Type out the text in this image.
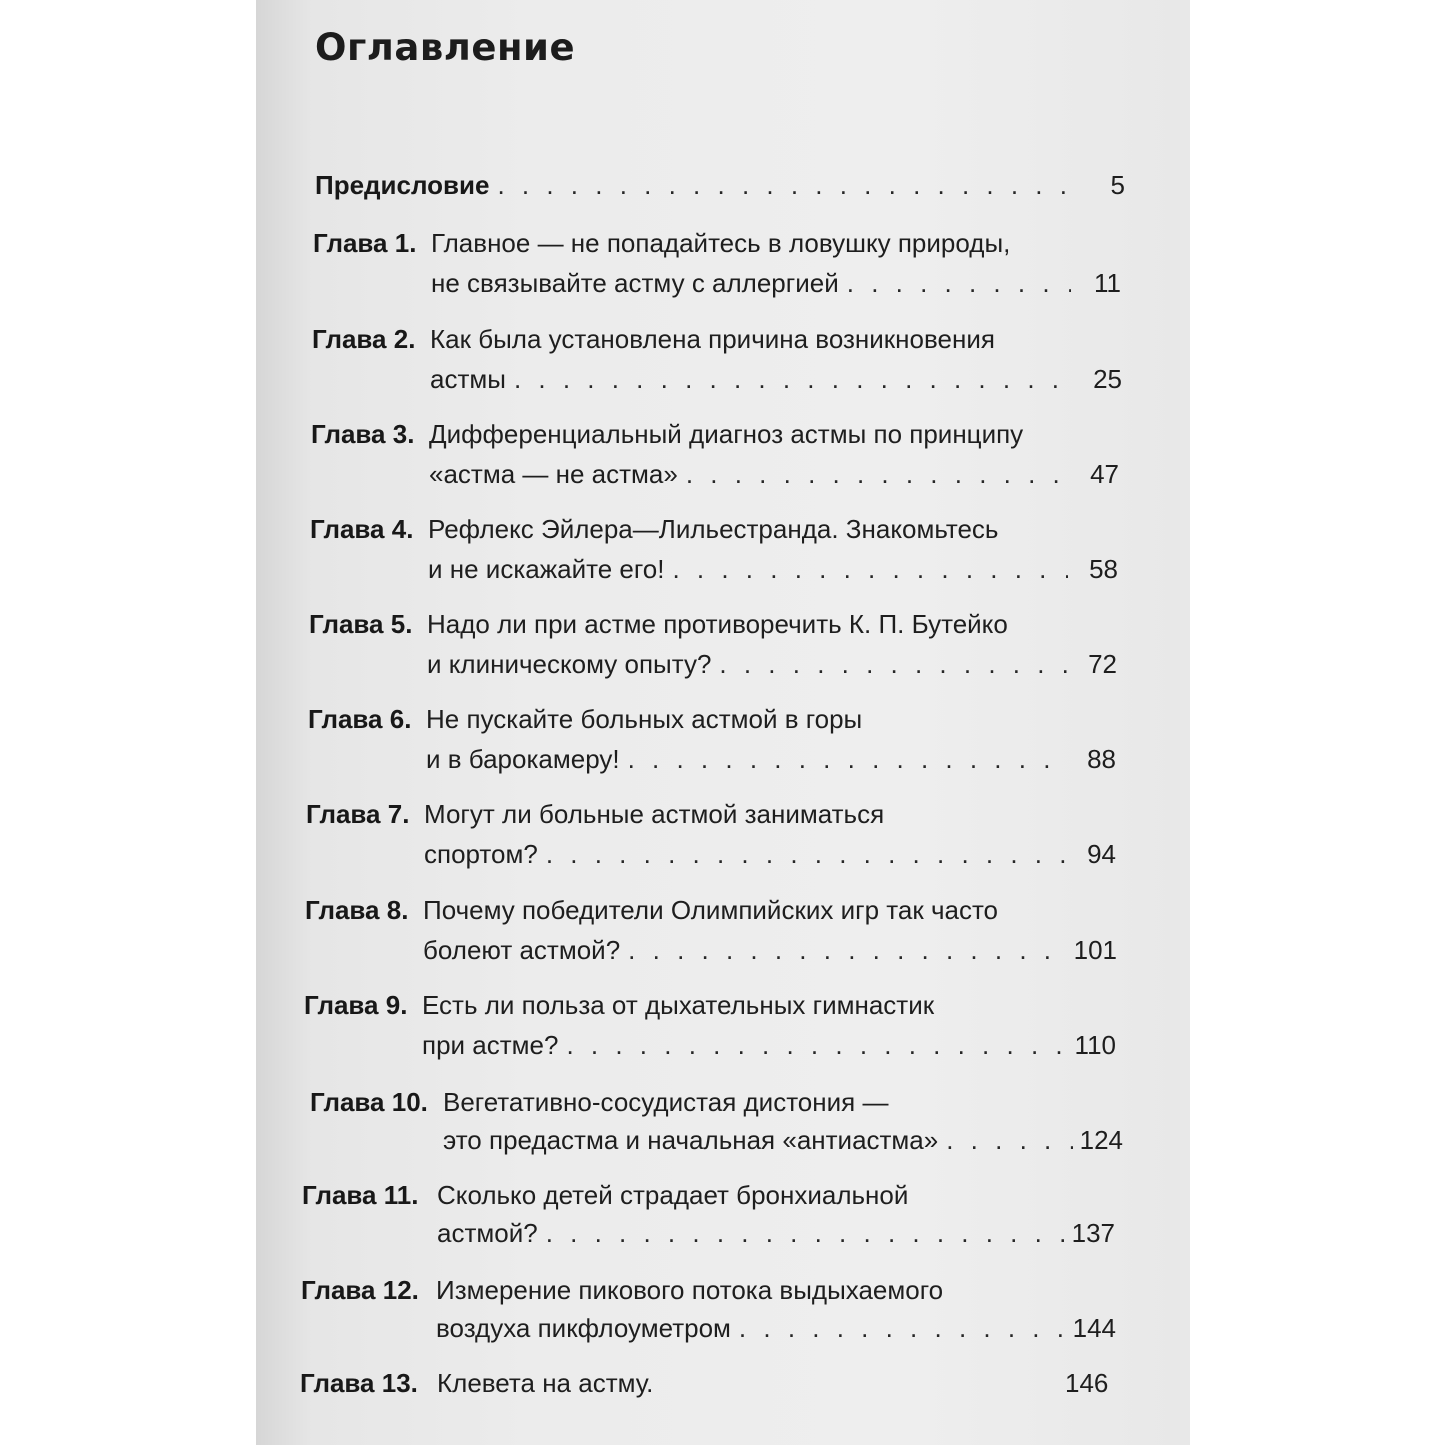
Оглавление
Предисловие . . .	5
Глава 1. Главное — не попадайтесь в ловушку природы,
не связывайте астму с аллергией . . .	11
Глава 2. Как была установлена причина возникновения
астмы . . .	25
Глава 3. Дифференциальный диагноз астмы по принципу
«астма — не астма» . . .	47
Глава 4. Рефлекс Эйлера—Лильестранда. Знакомьтесь
и не искажайте его! . . .	58
Глава 5. Надо ли при астме противоречить К. П. Бутейко
и клиническому опыту? . . .	72
Глава 6. Не пускайте больных астмой в горы
и в барокамеру! . . .	88
Глава 7. Могут ли больные астмой заниматься
спортом? . . .	94
Глава 8. Почему победители Олимпийских игр так часто
болеют астмой? . . .	101
Глава 9. Есть ли польза от дыхательных гимнастик
при астме? . . .	110
Глава 10. Вегетативно-сосудистая дистония —
это предастма и начальная «антиастма» . . .	124
Глава 11. Сколько детей страдает бронхиальной
астмой? . . .	137
Глава 12. Измерение пикового потока выдыхаемого
воздуха пикфлоуметром . . .	144
Глава 13. Клевета на астму.	146
